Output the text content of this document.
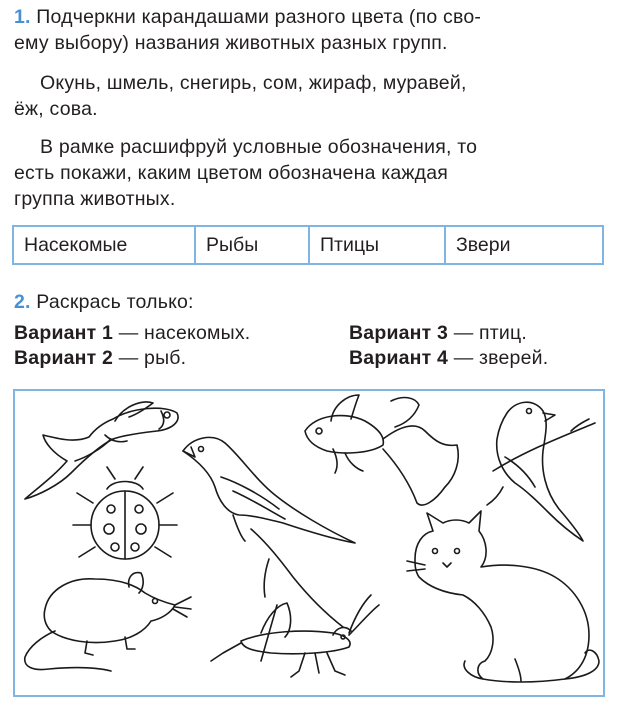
1. Подчеркни карандашами разного цвета (по сво-
ему выбору) названия животных разных групп.
Окунь, шмель, снегирь, сом, жираф, муравей,
ёж, сова.
В рамке расшифруй условные обозначения, то
есть покажи, каким цветом обозначена каждая
группа животных.
Насекомые	Рыбы	Птицы	Звери
2. Раскрась только:
Вариант 1 — насекомых.
Вариант 2 — рыб.
Вариант 3 — птиц.
Вариант 4 — зверей.
